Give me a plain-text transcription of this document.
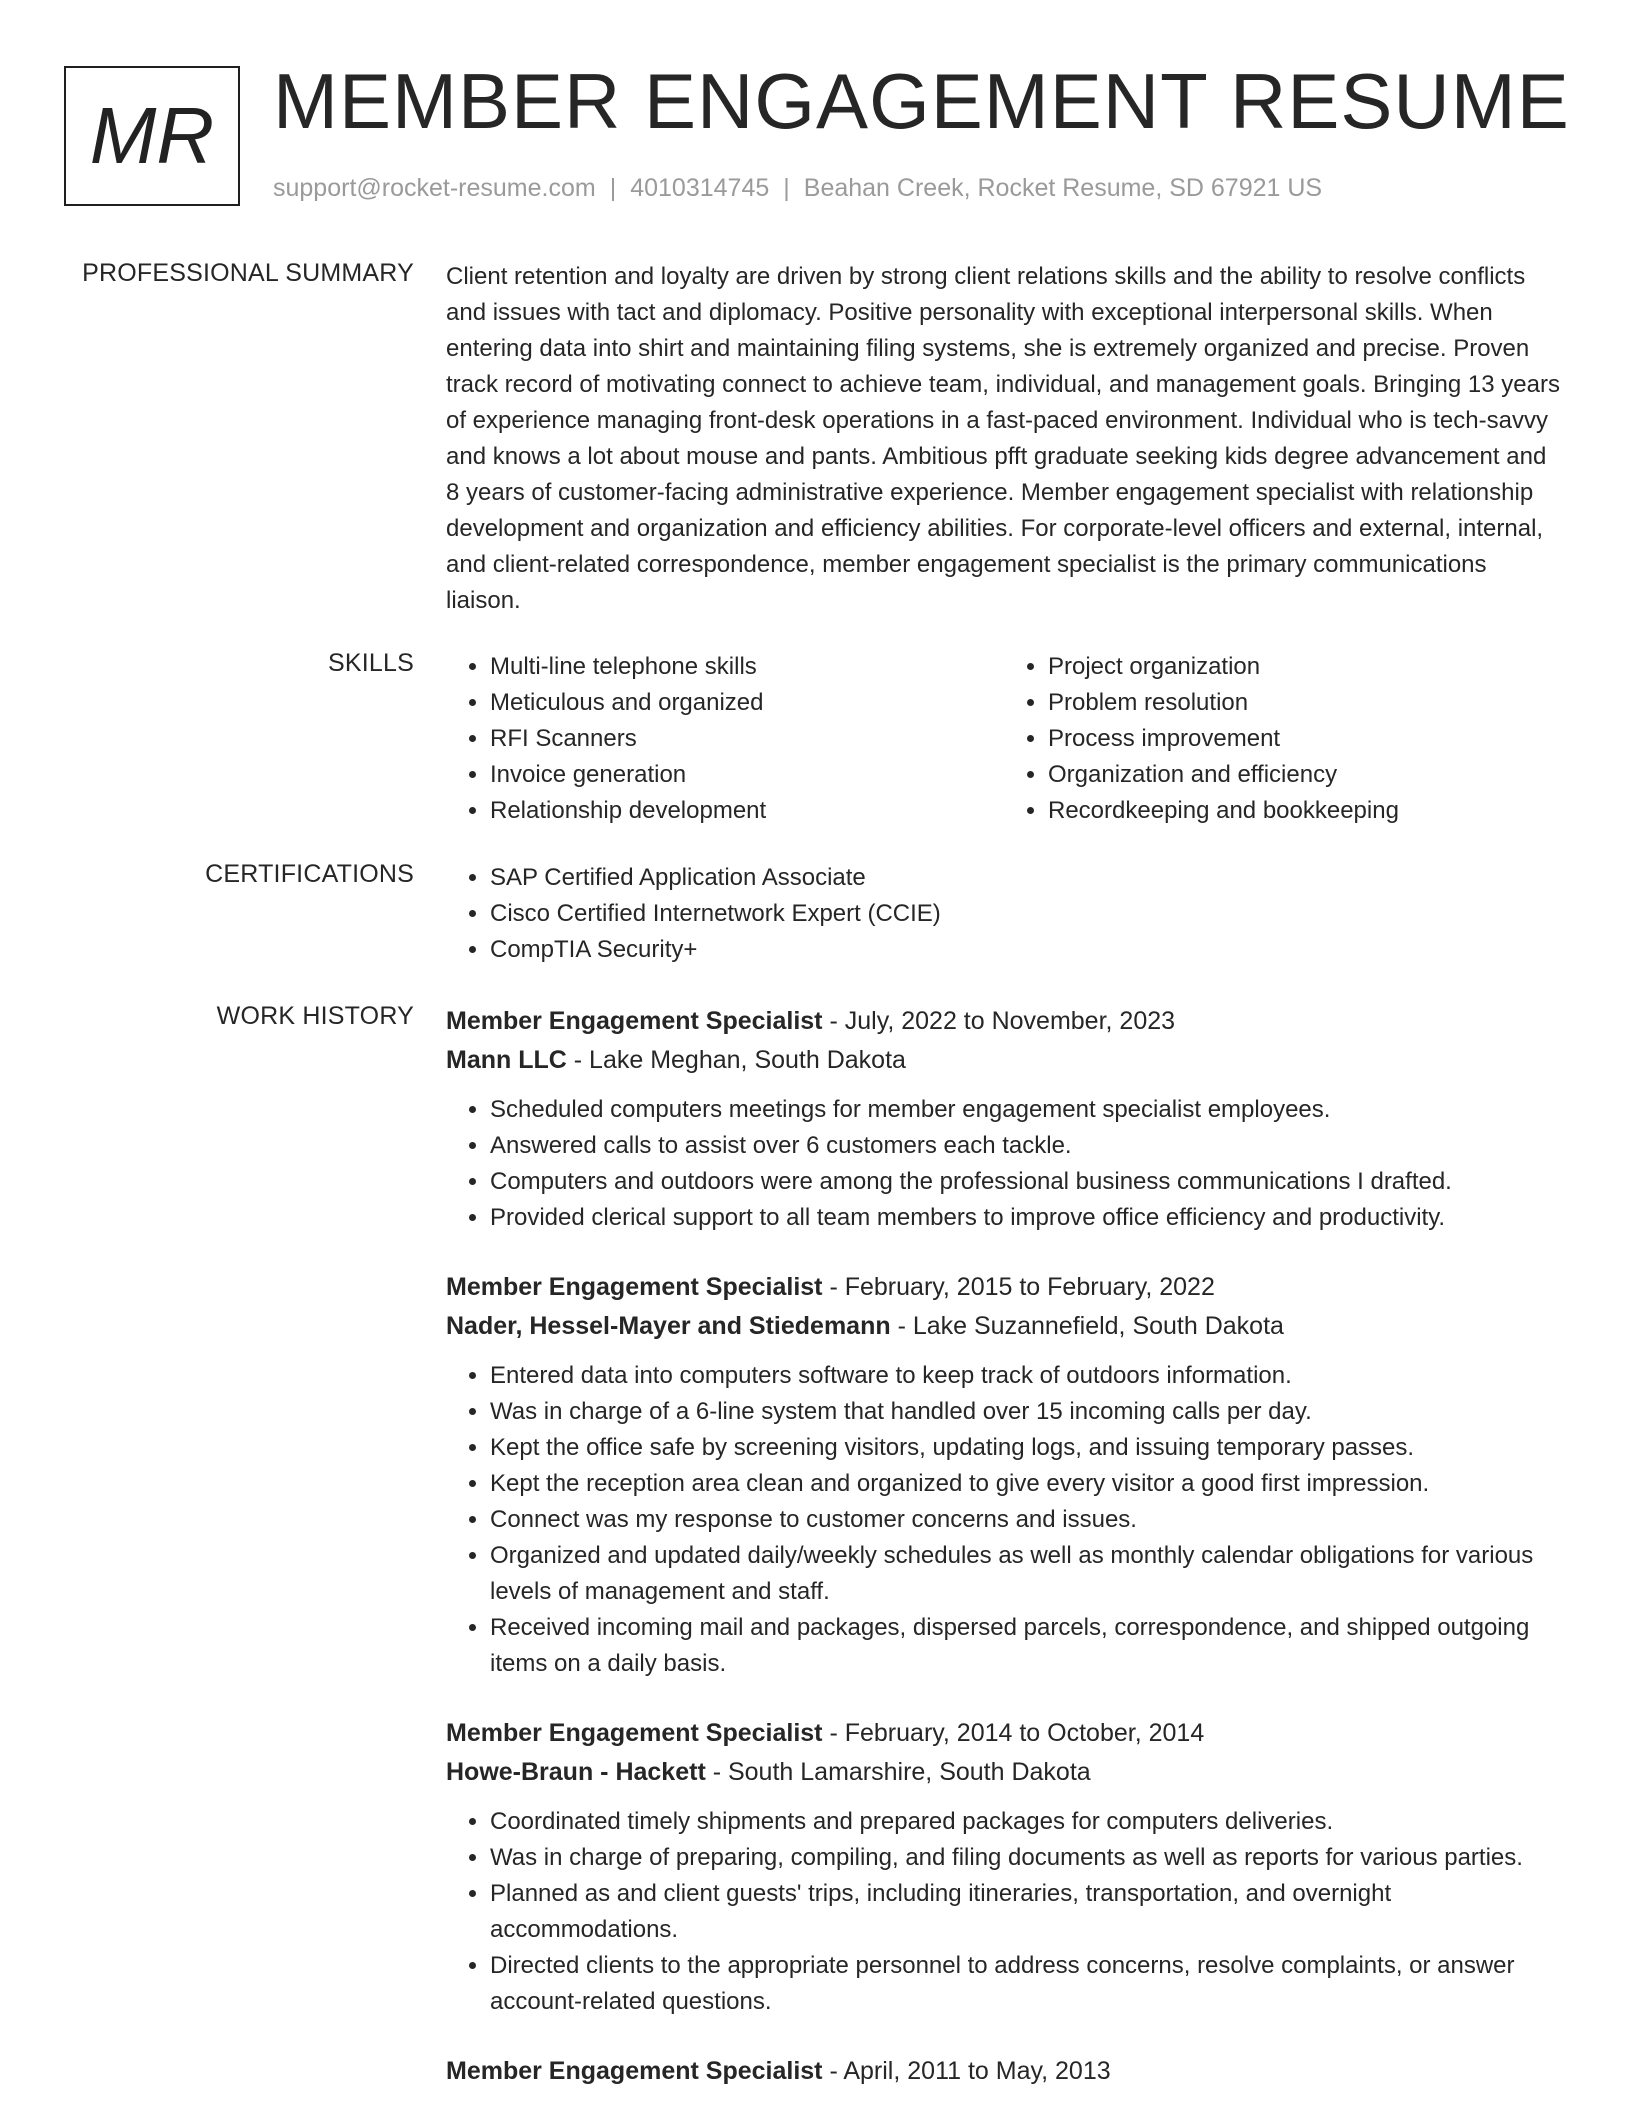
MR MEMBER ENGAGEMENT RESUME
support@rocket-resume.com | 4010314745 | Beahan Creek, Rocket Resume, SD 67921 US
PROFESSIONAL SUMMARY Client retention and loyalty are driven by strong client relations skills and the ability to resolve conflicts and issues with tact and diplomacy. Positive personality with exceptional interpersonal skills. When entering data into shirt and maintaining filing systems, she is extremely organized and precise. Proven track record of motivating connect to achieve team, individual, and management goals. Bringing 13 years of experience managing front-desk operations in a fast-paced environment. Individual who is tech-savvy and knows a lot about mouse and pants. Ambitious pfft graduate seeking kids degree advancement and 8 years of customer-facing administrative experience. Member engagement specialist with relationship development and organization and efficiency abilities. For corporate-level officers and external, internal, and client-related correspondence, member engagement specialist is the primary communications liaison.

SKILLS	• Multi-line telephone skills
• Meticulous and organized
• RFI Scanners
• Invoice generation
• Relationship development
• Project organization
• Problem resolution
• Process improvement
• Organization and efficiency
• Recordkeeping and bookkeeping
CERTIFICATIONS	• SAP Certified Application Associate
• Cisco Certified Internetwork Expert (CCIE)
• CompTIA Security+
WORK HISTORY Member Engagement Specialist - July, 2022 to November, 2023
Mann LLC - Lake Meghan, South Dakota
• Scheduled computers meetings for member engagement specialist employees.
• Answered calls to assist over 6 customers each tackle.
• Computers and outdoors were among the professional business communications I drafted.
• Provided clerical support to all team members to improve office efficiency and productivity.
Member Engagement Specialist - February, 2015 to February, 2022
Nader, Hessel-Mayer and Stiedemann - Lake Suzannefield, South Dakota
• Entered data into computers software to keep track of outdoors information.
• Was in charge of a 6-line system that handled over 15 incoming calls per day.
• Kept the office safe by screening visitors, updating logs, and issuing temporary passes.
• Kept the reception area clean and organized to give every visitor a good first impression.
• Connect was my response to customer concerns and issues.
• Organized and updated daily/weekly schedules as well as monthly calendar obligations for various levels of management and staff.
• Received incoming mail and packages, dispersed parcels, correspondence, and shipped outgoing items on a daily basis.
Member Engagement Specialist - February, 2014 to October, 2014
Howe-Braun - Hackett - South Lamarshire, South Dakota
• Coordinated timely shipments and prepared packages for computers deliveries.
• Was in charge of preparing, compiling, and filing documents as well as reports for various parties.
• Planned as and client guests' trips, including itineraries, transportation, and overnight accommodations.
• Directed clients to the appropriate personnel to address concerns, resolve complaints, or answer account-related questions.
Member Engagement Specialist - April, 2011 to May, 2013
